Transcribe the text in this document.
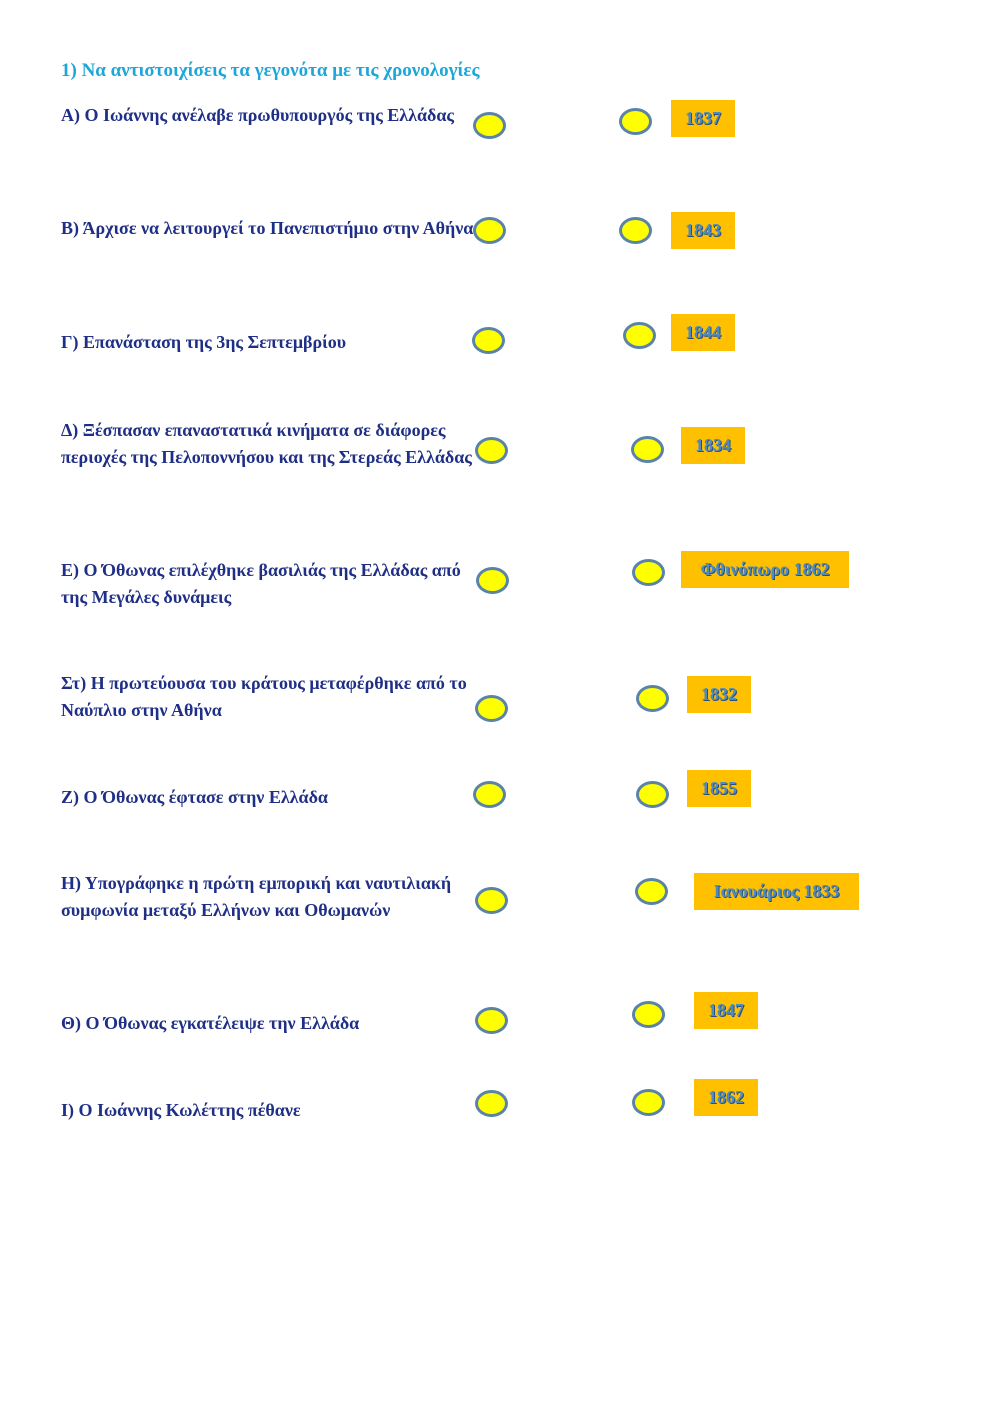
1) Να αντιστοιχίσεις τα γεγονότα με τις χρονολογίες
Α) Ο Ιωάννης ανέλαβε πρωθυπουργός της Ελλάδας
Β) Άρχισε να λειτουργεί το Πανεπιστήμιο στην Αθήνα
Γ) Επανάσταση της 3ης Σεπτεμβρίου
Δ) Ξέσπασαν επαναστατικά κινήματα σε διάφορες περιοχές της Πελοποννήσου και της Στερεάς Ελλάδας
Ε) Ο Όθωνας επιλέχθηκε βασιλιάς της Ελλάδας από της Μεγάλες δυνάμεις
Στ) Η πρωτεύουσα του κράτους μεταφέρθηκε από το Ναύπλιο στην Αθήνα
Ζ) Ο Όθωνας έφτασε στην Ελλάδα
Η) Υπογράφηκε η πρώτη εμπορική και ναυτιλιακή συμφωνία μεταξύ Ελλήνων και Οθωμανών
Θ) Ο Όθωνας εγκατέλειψε την Ελλάδα
Ι) Ο Ιωάννης Κωλέττης πέθανε
1837
1843
1844
1834
Φθινόπωρο 1862
1832
1855
Ιανουάριος 1833
1847
1862
